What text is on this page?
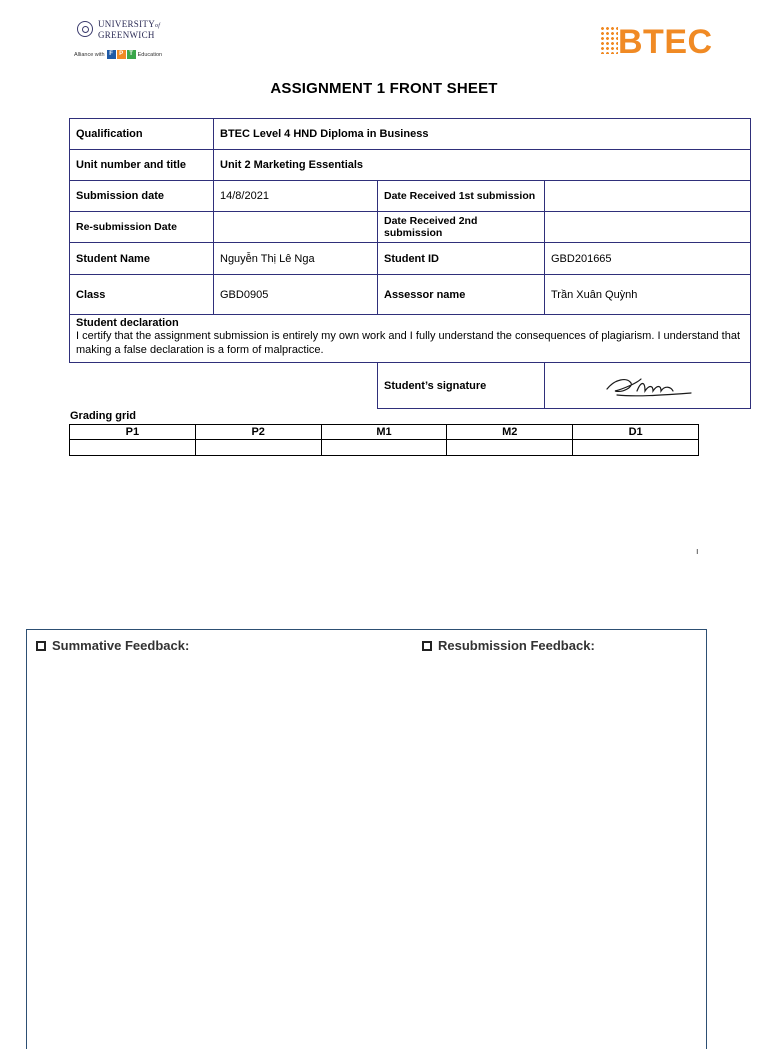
UNIVERSITYof
GREENWICH
Alliance with F P T Education	BTEC
ASSIGNMENT 1 FRONT SHEET
Qualification	BTEC Level 4 HND Diploma in Business		
Unit number and title	Unit 2 Marketing Essentials		
Submission date	14/8/2021	Date Received 1st submission	
Re-submission Date		Date Received 2nd submission	
Student Name	Nguyễn Thị Lê Nga	Student ID	GBD201665
Class	GBD0905	Assessor name	Trần Xuân Quỳnh

Student declaration
I certify that the assignment submission is entirely my own work and I fully understand the consequences of plagiarism. I understand that making a false declaration is a form of malpractice.			
		Student’s signature	
Grading grid
P1	P2	M1	M2	D1

ı
Summative Feedback:	Resubmission Feedback:
